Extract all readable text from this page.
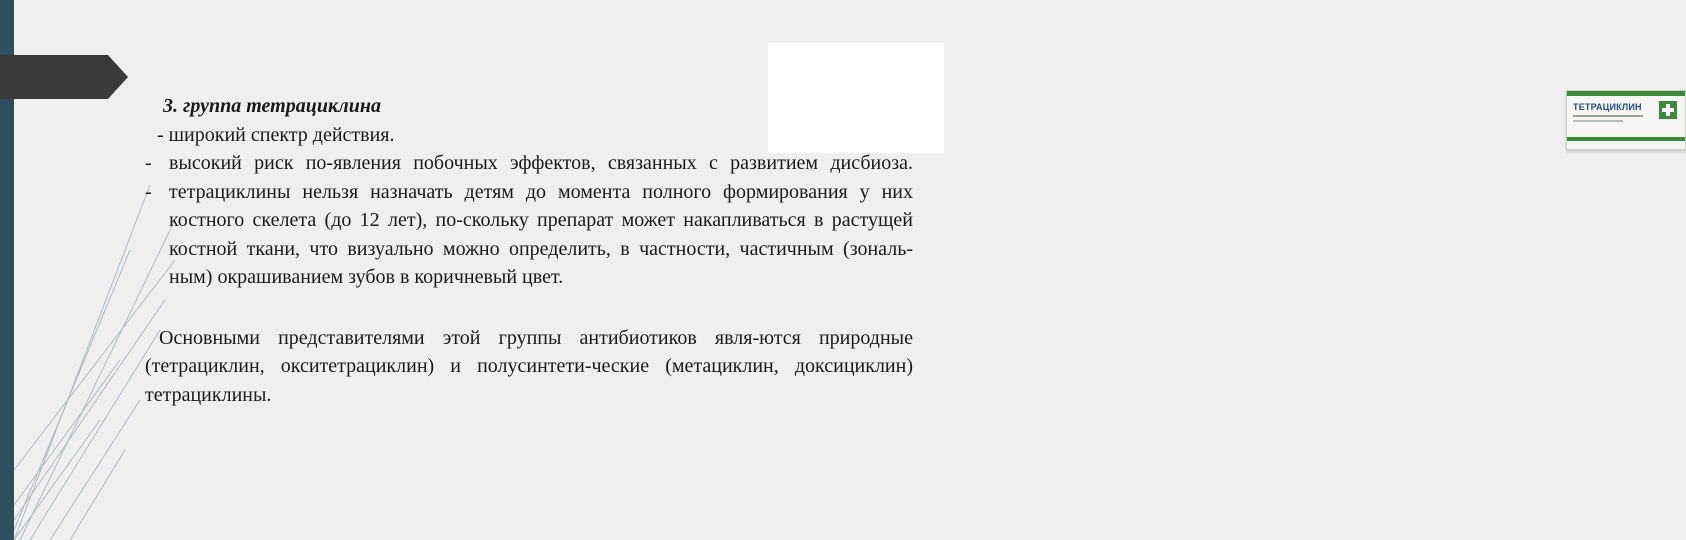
ТЕТРАЦИКЛИН

3. группа тетрациклина

- широкий спектр действия.

- высокий риск по-явления побочных эффектов, связанных с развитием дисбиоза.

- тетрациклины нельзя назначать детям до момента полного формирования у них костного скелета (до 12 лет), по-скольку препарат может накапливаться в растущей костной ткани, что визуально можно определить, в частности, частичным (зональ-ным) окрашиванием зубов в коричневый цвет.

Основными представителями этой группы антибиотиков явля-ются природные (тетрациклин, окситетрациклин) и полусинтети-ческие (метациклин, доксициклин) тетрациклины.
